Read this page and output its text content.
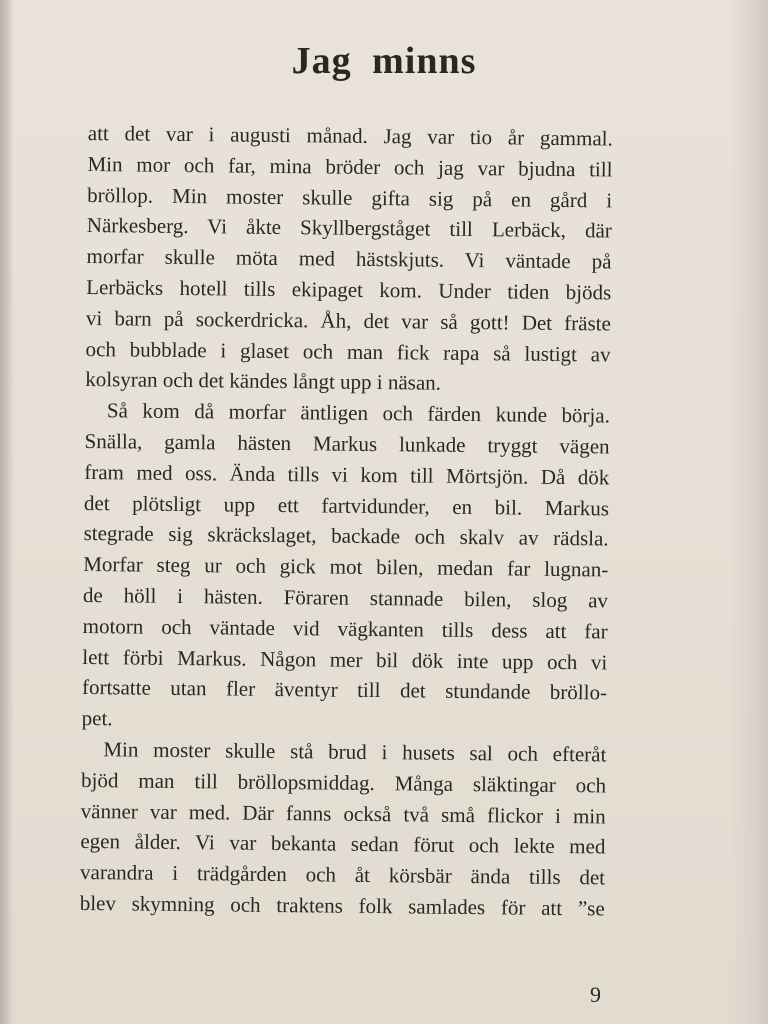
Jag minns

att det var i augusti månad. Jag var tio år gammal.
Min mor och far, mina bröder och jag var bjudna till
bröllop. Min moster skulle gifta sig på en gård i
Närkesberg. Vi åkte Skyllbergståget till Lerbäck, där
morfar skulle möta med hästskjuts. Vi väntade på
Lerbäcks hotell tills ekipaget kom. Under tiden bjöds
vi barn på sockerdricka. Åh, det var så gott! Det fräste
och bubblade i glaset och man fick rapa så lustigt av
kolsyran och det kändes långt upp i näsan.

Så kom då morfar äntligen och färden kunde börja.
Snälla, gamla hästen Markus lunkade tryggt vägen
fram med oss. Ända tills vi kom till Mörtsjön. Då dök
det plötsligt upp ett fartvidunder, en bil. Markus
stegrade sig skräckslaget, backade och skalv av rädsla.
Morfar steg ur och gick mot bilen, medan far lugnan-
de höll i hästen. Föraren stannade bilen, slog av
motorn och väntade vid vägkanten tills dess att far
lett förbi Markus. Någon mer bil dök inte upp och vi
fortsatte utan fler äventyr till det stundande bröllo-
pet.

Min moster skulle stå brud i husets sal och efteråt
bjöd man till bröllopsmiddag. Många släktingar och
vänner var med. Där fanns också två små flickor i min
egen ålder. Vi var bekanta sedan förut och lekte med
varandra i trädgården och åt körsbär ända tills det
blev skymning och traktens folk samlades för att ”se

9
